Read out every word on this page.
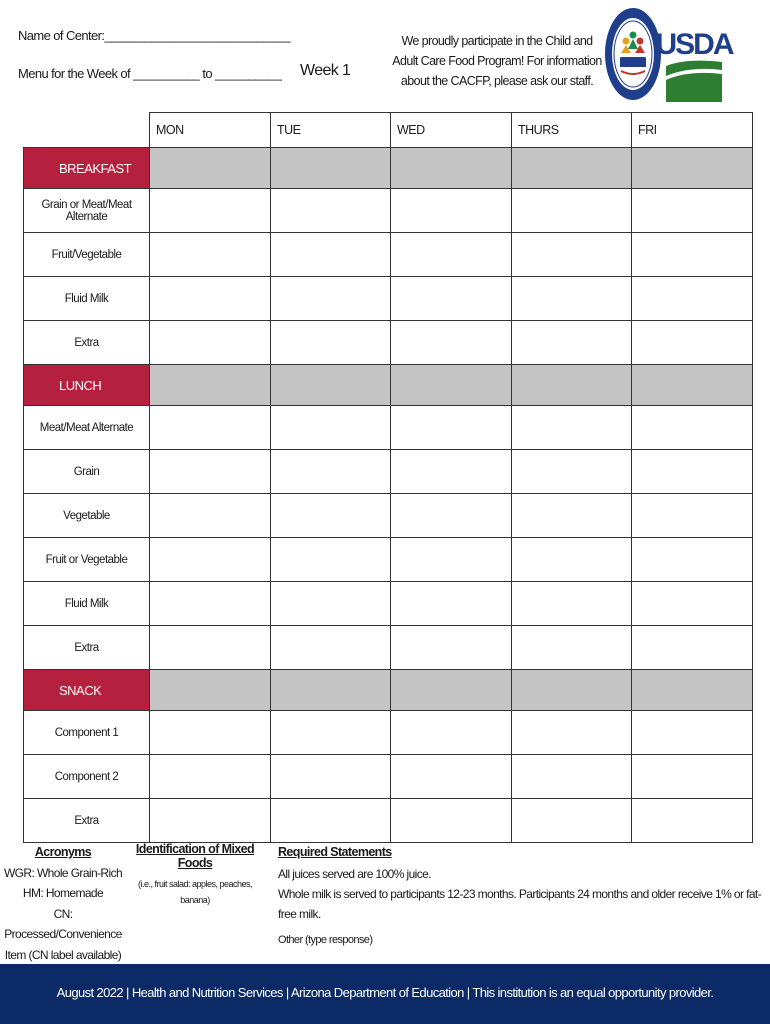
Name of Center:____________________________
Menu for the Week of __________ to __________ Week 1
We proudly participate in the Child and Adult Care Food Program! For information about the CACFP, please ask our staff.
USDA
	MON	TUE	WED	THURS	FRI
BREAKFAST					
Grain or Meat/Meat Alternate					
Fruit/Vegetable					
Fluid Milk					
Extra					
LUNCH					
Meat/Meat Alternate					
Grain					
Vegetable					
Fruit or Vegetable					
Fluid Milk					
Extra					
SNACK					
Component 1					
Component 2					
Extra					
Acronyms
WGR: Whole Grain-Rich
HM: Homemade
CN: Processed/Convenience Item (CN label available)
Identification of Mixed Foods
(i.e., fruit salad: apples, peaches, banana)
Required Statements
All juices served are 100% juice.
Whole milk is served to participants 12-23 months. Participants 24 months and older receive 1% or fat-free milk.
Other (type response)
August 2022 | Health and Nutrition Services | Arizona Department of Education | This institution is an equal opportunity provider.
